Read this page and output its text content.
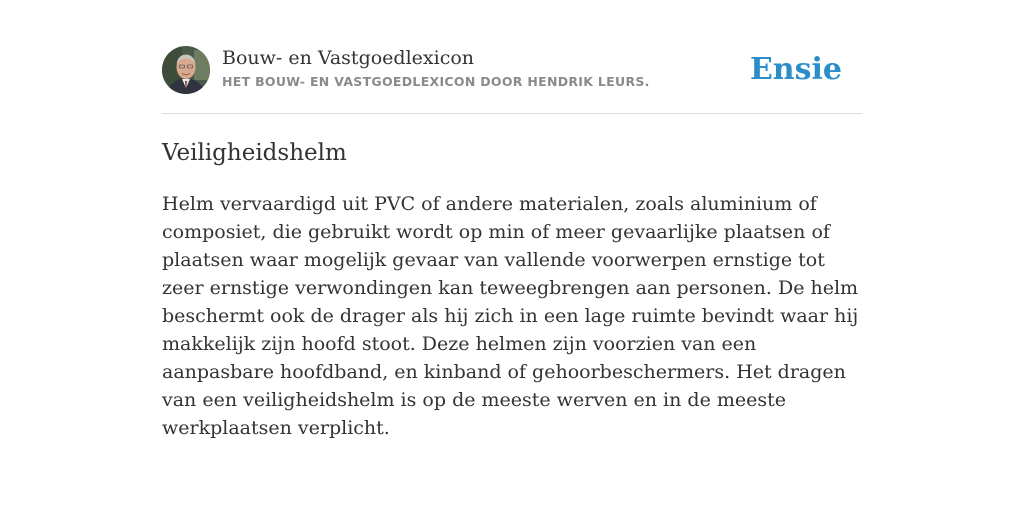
Bouw- en Vastgoedlexicon
HET BOUW- EN VASTGOEDLEXICON DOOR HENDRIK LEURS.	Ensie
Veiligheidshelm

Helm vervaardigd uit PVC of andere materialen, zoals aluminium of composiet, die gebruikt wordt op min of meer gevaarlijke plaatsen of plaatsen waar mogelijk gevaar van vallende voorwerpen ernstige tot zeer ernstige verwondingen kan teweegbrengen aan personen. De helm beschermt ook de drager als hij zich in een lage ruimte bevindt waar hij makkelijk zijn hoofd stoot. Deze helmen zijn voorzien van een aanpasbare hoofdband, en kinband of gehoorbeschermers. Het dragen van een veiligheidshelm is op de meeste werven en in de meeste werkplaatsen verplicht.
